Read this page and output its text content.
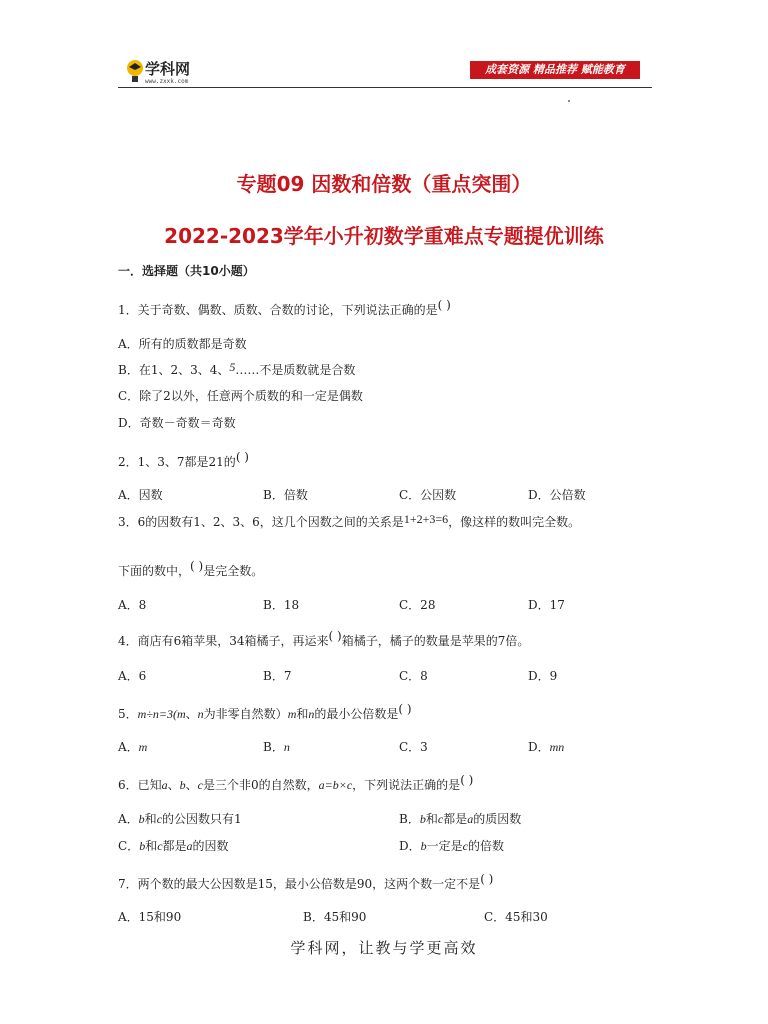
学科网
www.zxxk.com
成套资源 精品推荐 赋能教育
专题09 因数和倍数（重点突围）
2022-2023学年小升初数学重难点专题提优训练
一．选择题（共10小题）
1．关于奇数、偶数、质数、合数的讨论，下列说法正确的是( )
A．所有的质数都是奇数
B．在1、2、3、4、5……不是质数就是合数
C．除了2以外，任意两个质数的和一定是偶数
D．奇数－奇数＝奇数
2．1、3、7都是21的( )
A．因数	B．倍数	C．公因数	D．公倍数
3．6的因数有1、2、3、6，这几个因数之间的关系是1+2+3=6，像这样的数叫完全数。
下面的数中，( )是完全数。
A．8	B．18	C．28	D．17
4．商店有6箱苹果，34箱橘子，再运来( )箱橘子，橘子的数量是苹果的7倍。
A．6	B．7	C．8	D．9
5．m÷n=3(m、n为非零自然数）m和n的最小公倍数是( )
A．m	B．n	C．3	D．mn
6．已知a、b、c是三个非0的自然数，a=b×c，下列说法正确的是( )
A．b和c的公因数只有1	B．b和c都是a的质因数
C．b和c都是a的因数	D．b一定是c的倍数
7．两个数的最大公因数是15，最小公倍数是90，这两个数一定不是( )
A．15和90	B．45和90	C．45和30
学科网，让教与学更高效
